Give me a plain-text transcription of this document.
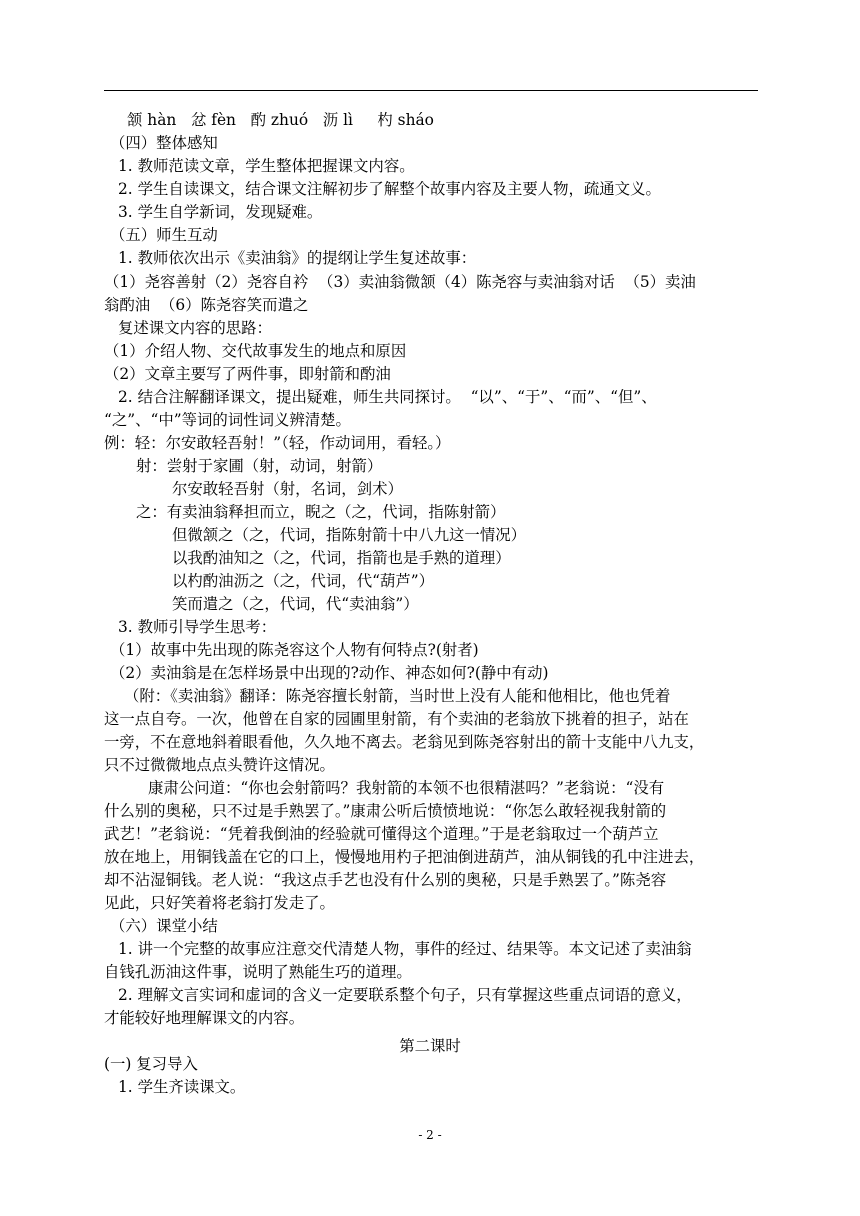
颔 hàn   忿 fèn   酌 zhuó   沥 lì     杓 sháo
（四）整体感知
1. 教师范读文章，学生整体把握课文内容。
2. 学生自读课文，结合课文注解初步了解整个故事内容及主要人物，疏通文义。
3. 学生自学新词，发现疑难。
（五）师生互动
1. 教师依次出示《卖油翁》的提纲让学生复述故事：
（1）尧容善射（2）尧容自衿  （3）卖油翁微颔（4）陈尧容与卖油翁对话  （5）卖油
翁酌油  （6）陈尧容笑而遣之
复述课文内容的思路：
（1）介绍人物、交代故事发生的地点和原因
（2）文章主要写了两件事，即射箭和酌油
2. 结合注解翻译课文，提出疑难，师生共同探讨。  “以”、“于”、“而”、“但”、
“之”、“中”等词的词性词义辨清楚。
例：轻：尔安敢轻吾射！”（轻，作动词用，看轻。）
射：尝射于家圃（射，动词，射箭）
尔安敢轻吾射（射，名词，剑术）
之：有卖油翁释担而立，睨之（之，代词，指陈射箭）
但微颔之（之，代词，指陈射箭十中八九这一情况）
以我酌油知之（之，代词，指箭也是手熟的道理）
以杓酌油沥之（之，代词，代“葫芦”）
笑而遣之（之，代词，代“卖油翁”）
3. 教师引导学生思考：
（1）故事中先出现的陈尧容这个人物有何特点?(射者)
（2）卖油翁是在怎样场景中出现的?动作、神态如何?(静中有动)
（附：《卖油翁》翻译：陈尧容擅长射箭，当时世上没有人能和他相比，他也凭着
这一点自夸。一次，他曾在自家的园圃里射箭，有个卖油的老翁放下挑着的担子，站在
一旁，不在意地斜着眼看他，久久地不离去。老翁见到陈尧容射出的箭十支能中八九支，
只不过微微地点点头赞许这情况。
康肃公问道：“你也会射箭吗？我射箭的本领不也很精湛吗？”老翁说：“没有
什么别的奥秘，只不过是手熟罢了。”康肃公听后愤愤地说：“你怎么敢轻视我射箭的
武艺！”老翁说：“凭着我倒油的经验就可懂得这个道理。”于是老翁取过一个葫芦立
放在地上，用铜钱盖在它的口上，慢慢地用杓子把油倒进葫芦，油从铜钱的孔中注进去，
却不沾湿铜钱。老人说：“我这点手艺也没有什么别的奥秘，只是手熟罢了。”陈尧容
见此，只好笑着将老翁打发走了。
（六）课堂小结
1. 讲一个完整的故事应注意交代清楚人物，事件的经过、结果等。本文记述了卖油翁
自钱孔沥油这件事，说明了熟能生巧的道理。
2. 理解文言实词和虚词的含义一定要联系整个句子，只有掌握这些重点词语的意义，
才能较好地理解课文的内容。
(一) 复习导入
1. 学生齐读课文。
第二课时
- 2 -
